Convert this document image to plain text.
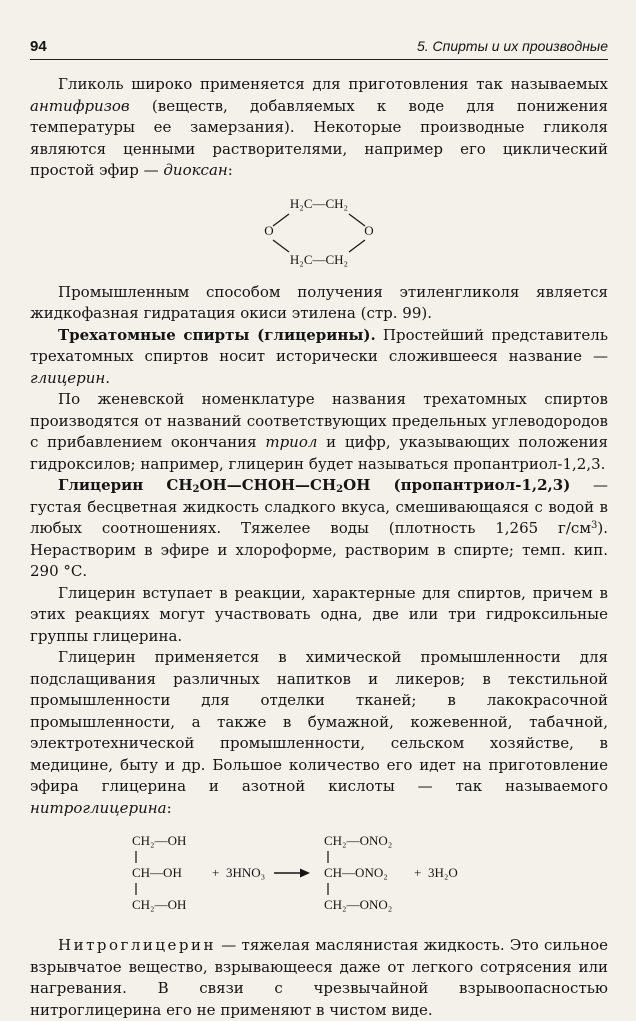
94	5. Спирты и их производные

Гликоль широко применяется для приготовления так называемых антифризов (веществ, добавляемых к воде для понижения температуры ее замерзания). Некоторые производные гликоля являются ценными растворителями, например его циклический простой эфир — диоксан:

H₂C—CH₂
O	O
H₂C—CH₂

Промышленным способом получения этиленгликоля является жидкофазная гидратация окиси этилена (стр. 99).

Трехатомные спирты (глицерины). Простейший представитель трехатомных спиртов носит исторически сложившееся название — глицерин.

По женевской номенклатуре названия трехатомных спиртов производятся от названий соответствующих предельных углеводородов с прибавлением окончания триол и цифр, указывающих положения гидроксилов; например, глицерин будет называться пропантриол-1,2,3.

Глицерин $CH_2OH—CHOH—CH_2OH$ (пропантриол-1,2,3) — густая бесцветная жидкость сладкого вкуса, смешивающаяся с водой в любых соотношениях. Тяжелее воды (плотность 1,265 $г/см^3$). Нерастворим в эфире и хлороформе, растворим в спирте; темп. кип. 290 °С.

Глицерин вступает в реакции, характерные для спиртов, причем в этих реакциях могут участвовать одна, две или три гидроксильные группы глицерина.

Глицерин применяется в химической промышленности для подслащивания различных напитков и ликеров; в текстильной промышленности для отделки тканей; в лакокрасочной промышленности, а также в бумажной, кожевенной, табачной, электротехнической промышленности, сельском хозяйстве, в медицине, быту и др. Большое количество его идет на приготовление эфира глицерина и азотной кислоты — так называемого нитроглицерина:

CH₂—OH
CH—OH
CH₂—OH
+ 3HNO₃
CH₂—ONO₂
CH—ONO₂
CH₂—ONO₂
+ 3H₂O

Нитроглицерин — тяжелая маслянистая жидкость. Это сильное взрывчатое вещество, взрывающееся даже от легкого сотрясения или нагревания. В связи с чрезвычайной взрывоопасностью нитроглицерина его не применяют в чистом виде.
